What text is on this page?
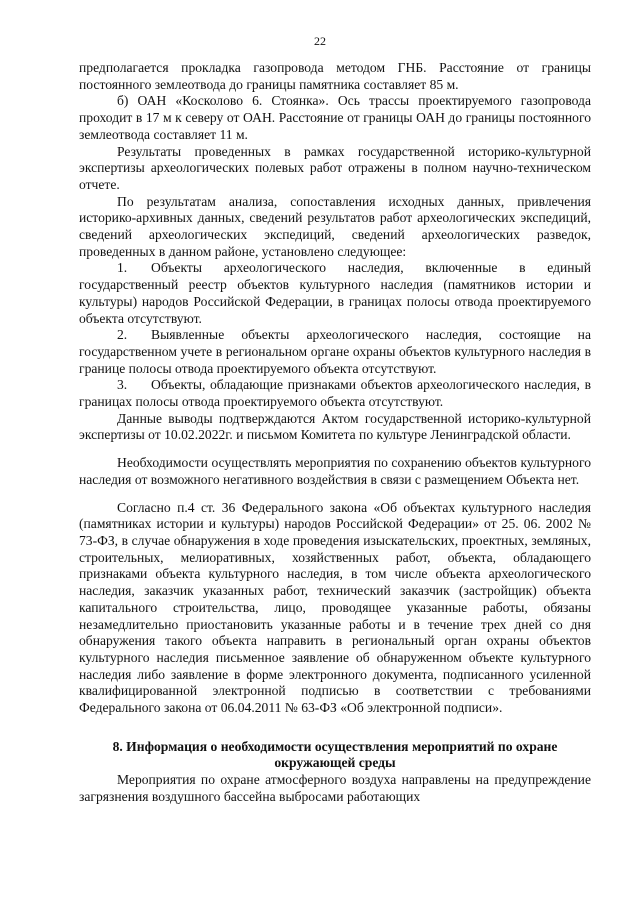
22

предполагается прокладка газопровода методом ГНБ. Расстояние от границы постоянного землеотвода до границы памятника составляет 85 м.

б) ОАН «Косколово 6. Стоянка». Ось трассы проектируемого газопровода проходит в 17 м к северу от ОАН. Расстояние от границы ОАН до границы постоянного землеотвода составляет 11 м.

Результаты проведенных в рамках государственной историко-культурной экспертизы археологических полевых работ отражены в полном научно-техническом отчете.

По результатам анализа, сопоставления исходных данных, привлечения историко-архивных данных, сведений результатов работ археологических экспедиций, сведений археологических экспедиций, сведений археологических разведок, проведенных в данном районе, установлено следующее:

1. Объекты археологического наследия, включенные в единый государственный реестр объектов культурного наследия (памятников истории и культуры) народов Российской Федерации, в границах полосы отвода проектируемого объекта отсутствуют.

2. Выявленные объекты археологического наследия, состоящие на государственном учете в региональном органе охраны объектов культурного наследия в границе полосы отвода проектируемого объекта отсутствуют.

3. Объекты, обладающие признаками объектов археологического наследия, в границах полосы отвода проектируемого объекта отсутствуют.

Данные выводы подтверждаются Актом государственной историко-культурной экспертизы от 10.02.2022г. и письмом Комитета по культуре Ленинградской области.

Необходимости осуществлять мероприятия по сохранению объектов культурного наследия от возможного негативного воздействия в связи с размещением Объекта нет.

Согласно п.4 ст. 36 Федерального закона «Об объектах культурного наследия (памятниках истории и культуры) народов Российской Федерации» от 25. 06. 2002 № 73-ФЗ, в случае обнаружения в ходе проведения изыскательских, проектных, земляных, строительных, мелиоративных, хозяйственных работ, объекта, обладающего признаками объекта культурного наследия, в том числе объекта археологического наследия, заказчик указанных работ, технический заказчик (застройщик) объекта капитального строительства, лицо, проводящее указанные работы, обязаны незамедлительно приостановить указанные работы и в течение трех дней со дня обнаружения такого объекта направить в региональный орган охраны объектов культурного наследия письменное заявление об обнаруженном объекте культурного наследия либо заявление в форме электронного документа, подписанного усиленной квалифицированной электронной подписью в соответствии с требованиями Федерального закона от 06.04.2011 № 63-ФЗ «Об электронной подписи».

8. Информация о необходимости осуществления мероприятий по охране
окружающей среды

Мероприятия по охране атмосферного воздуха направлены на предупреждение загрязнения воздушного бассейна выбросами работающих
